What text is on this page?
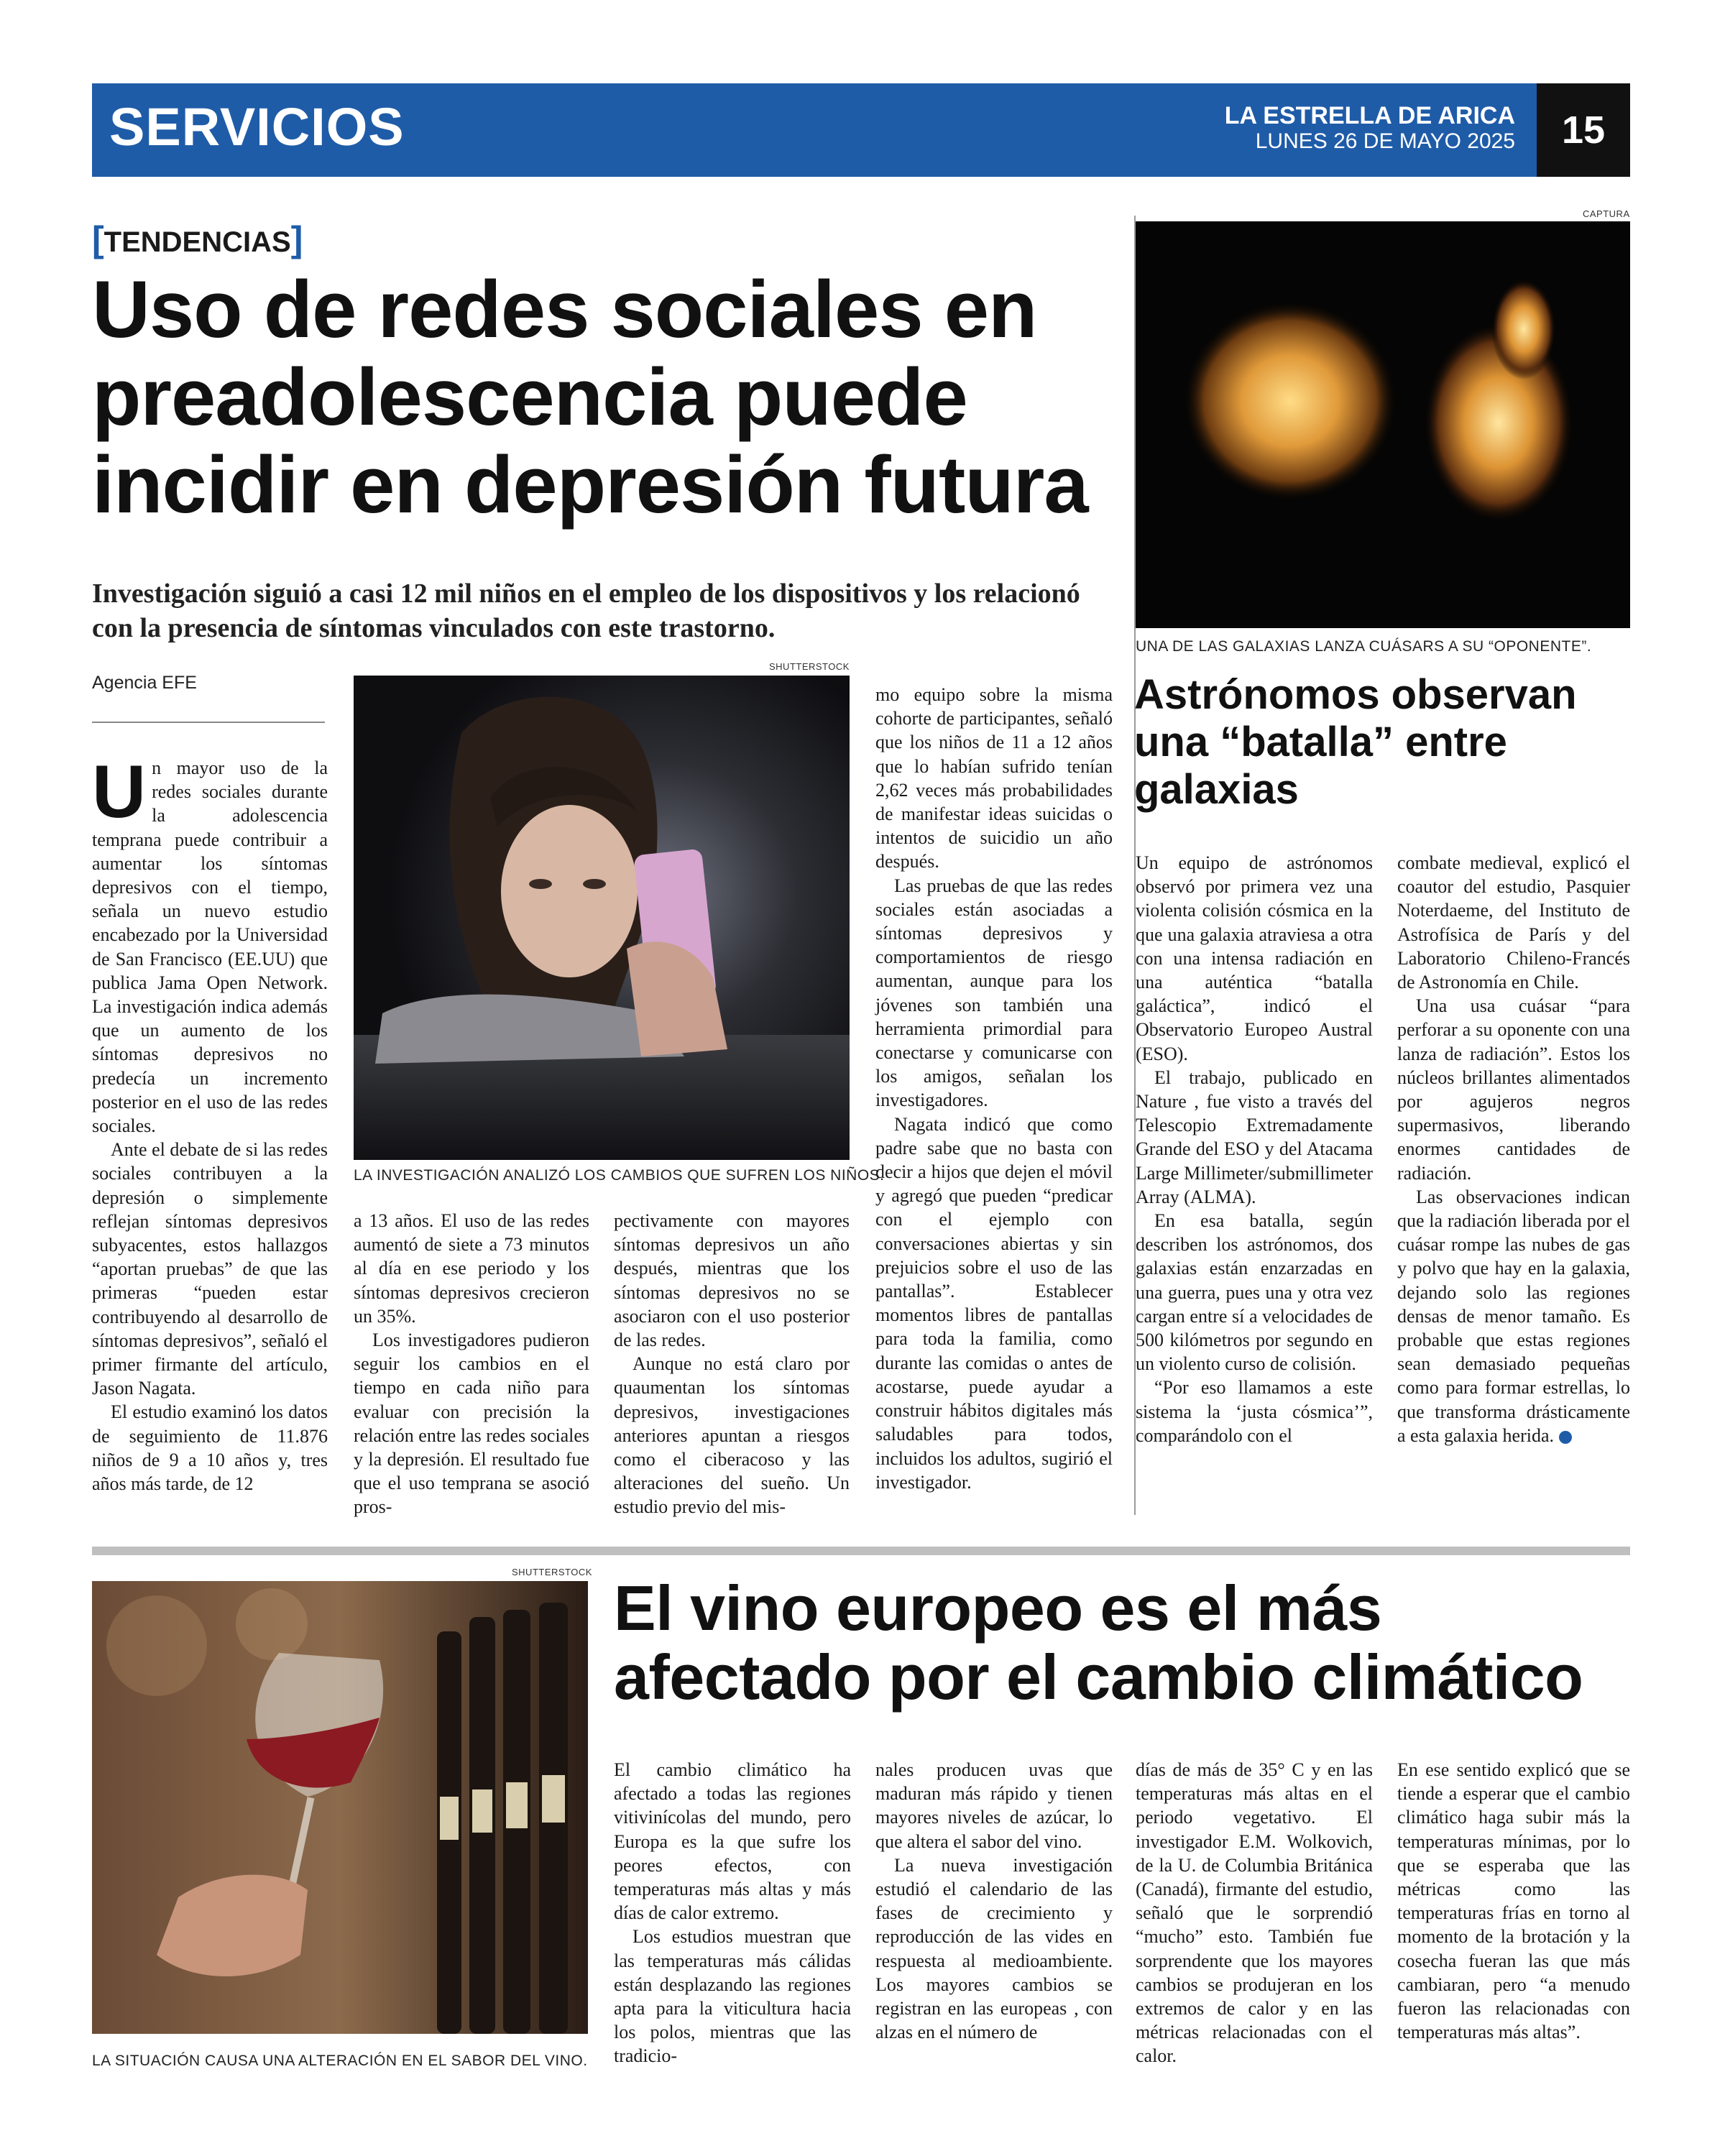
SERVICIOS	LA ESTRELLA DE ARICA
LUNES 26 DE MAYO 2025	15
[TENDENCIAS]
Uso de redes sociales en preadolescencia puede incidir en depresión futura
Investigación siguió a casi 12 mil niños en el empleo de los dispositivos y los relacionó con la presencia de síntomas vinculados con este trastorno.
Agencia EFE
SHUTTERSTOCK
LA INVESTIGACIÓN ANALIZÓ LOS CAMBIOS QUE SUFREN LOS NIÑOS.

Un mayor uso de la redes sociales durante la adolescencia temprana puede contribuir a aumentar los síntomas depresivos con el tiempo, señala un nuevo estudio encabezado por la Universidad de San Francisco (EE.UU) que publica Jama Open Network. La investigación indica además que un aumento de los síntomas depresivos no predecía un incremento posterior en el uso de las redes sociales.

Ante el debate de si las redes sociales contribuyen a la depresión o simplemente reflejan síntomas depresivos subyacentes, estos hallazgos “aportan pruebas” de que las primeras “pueden estar contribuyendo al desarrollo de síntomas depresivos”, señaló el primer firmante del artículo, Jason Nagata.

El estudio examinó los datos de seguimiento de 11.876 niños de 9 a 10 años y, tres años más tarde, de 12

a 13 años. El uso de las redes aumentó de siete a 73 minutos al día en ese periodo y los síntomas depresivos crecieron un 35%.

Los investigadores pudieron seguir los cambios en el tiempo en cada niño para evaluar con precisión la relación entre las redes sociales y la depresión. El resultado fue que el uso temprana se asoció pros-

pectivamente con mayores síntomas depresivos un año después, mientras que los síntomas depresivos no se asociaron con el uso posterior de las redes.

Aunque no está claro por quaumentan los síntomas depresivos, investigaciones anteriores apuntan a riesgos como el ciberacoso y las alteraciones del sueño. Un estudio previo del mis-

mo equipo sobre la misma cohorte de participantes, señaló que los niños de 11 a 12 años que lo habían sufrido tenían 2,62 veces más probabilidades de manifestar ideas suicidas o intentos de suicidio un año después.

Las pruebas de que las redes sociales están asociadas a síntomas depresivos y comportamientos de riesgo aumentan, aunque para los jóvenes son también una herramienta primordial para conectarse y comunicarse con los amigos, señalan los investigadores.

Nagata indicó que como padre sabe que no basta con decir a hijos que dejen el móvil y agregó que pueden “predicar con el ejemplo con conversaciones abiertas y sin prejuicios sobre el uso de las pantallas”. Establecer momentos libres de pantallas para toda la familia, como durante las comidas o antes de acostarse, puede ayudar a construir hábitos digitales más saludables para todos, incluidos los adultos, sugirió el investigador.

CAPTURA
UNA DE LAS GALAXIAS LANZA CUÁSARS A SU “OPONENTE”.
Astrónomos observan una “batalla” entre galaxias

Un equipo de astrónomos observó por primera vez una violenta colisión cósmica en la que una galaxia atraviesa a otra con una intensa radiación en una auténtica “batalla galáctica”, indicó el Observatorio Europeo Austral (ESO).

El trabajo, publicado en Nature , fue visto a través del Telescopio Extremadamente Grande del ESO y del Atacama Large Millimeter/submillimeter Array (ALMA).

En esa batalla, según describen los astrónomos, dos galaxias están enzarzadas en una guerra, pues una y otra vez cargan entre sí a velocidades de 500 kilómetros por segundo en un violento curso de colisión.

“Por eso llamamos a este sistema la ‘justa cósmica’”, comparándolo con el

combate medieval, explicó el coautor del estudio, Pasquier Noterdaeme, del Instituto de Astrofísica de París y del Laboratorio Chileno-Francés de Astronomía en Chile.

Una usa cuásar “para perforar a su oponente con una lanza de radiación”. Estos los núcleos brillantes alimentados por agujeros negros supermasivos, liberando enormes cantidades de radiación.

Las observaciones indican que la radiación liberada por el cuásar rompe las nubes de gas y polvo que hay en la galaxia, dejando solo las regiones densas de menor tamaño. Es probable que estas regiones sean demasiado pequeñas como para formar estrellas, lo que transforma drásticamente a esta galaxia herida. ✪

SHUTTERSTOCK
LA SITUACIÓN CAUSA UNA ALTERACIÓN EN EL SABOR DEL VINO.
El vino europeo es el más afectado por el cambio climático

El cambio climático ha afectado a todas las regiones vitivinícolas del mundo, pero Europa es la que sufre los peores efectos, con temperaturas más altas y más días de calor extremo.

Los estudios muestran que las temperaturas más cálidas están desplazando las regiones apta para la viticultura hacia los polos, mientras que las tradicio-

nales producen uvas que maduran más rápido y tienen mayores niveles de azúcar, lo que altera el sabor del vino.

La nueva investigación estudió el calendario de las fases de crecimiento y reproducción de las vides en respuesta al medioambiente. Los mayores cambios se registran en las europeas , con alzas en el número de

días de más de 35° C y en las temperaturas más altas en el periodo vegetativo. El investigador E.M. Wolkovich, de la U. de Columbia Británica (Canadá), firmante del estudio, señaló que le sorprendió “mucho” esto. También fue sorprendente que los mayores cambios se produjeran en los extremos de calor y en las métricas relacionadas con el calor.

En ese sentido explicó que se tiende a esperar que el cambio climático haga subir más la temperaturas mínimas, por lo que se esperaba que las métricas como las temperaturas frías en torno al momento de la brotación y la cosecha fueran las que más cambiaran, pero “a menudo fueron las relacionadas con temperaturas más altas”.
